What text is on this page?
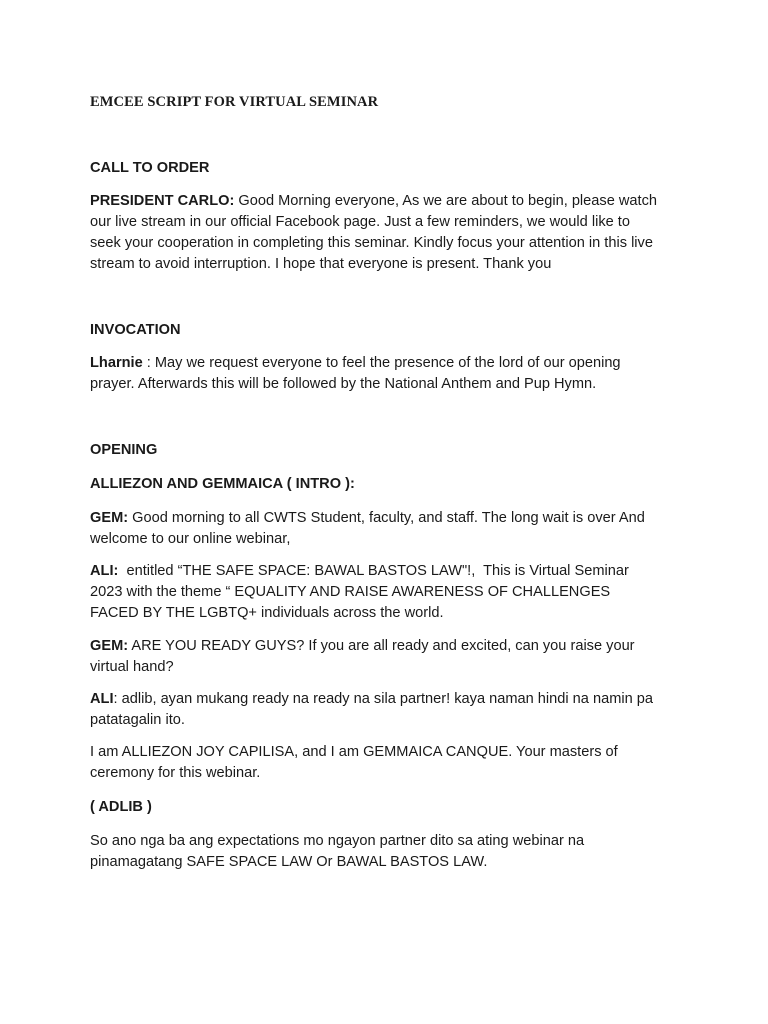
EMCEE SCRIPT FOR VIRTUAL SEMINAR
CALL TO ORDER

PRESIDENT CARLO: Good Morning everyone, As we are about to begin, please watch

our live stream in our official Facebook page. Just a few reminders, we would like to

seek your cooperation in completing this seminar. Kindly focus your attention in this live

stream to avoid interruption. I hope that everyone is present. Thank you

INVOCATION

Lharnie : May we request everyone to feel the presence of the lord of our opening

prayer. Afterwards this will be followed by the National Anthem and Pup Hymn.

OPENING
ALLIEZON AND GEMMAICA ( INTRO ):

GEM: Good morning to all CWTS Student, faculty, and staff. The long wait is over And

welcome to our online webinar,

ALI:  entitled “THE SAFE SPACE: BAWAL BASTOS LAW"!,  This is Virtual Seminar

2023 with the theme “ EQUALITY AND RAISE AWARENESS OF CHALLENGES

FACED BY THE LGBTQ+ individuals across the world.

GEM: ARE YOU READY GUYS? If you are all ready and excited, can you raise your

virtual hand?

ALI: adlib, ayan mukang ready na ready na sila partner! kaya naman hindi na namin pa

patatagalin ito.

I am ALLIEZON JOY CAPILISA, and I am GEMMAICA CANQUE. Your masters of

ceremony for this webinar.

( ADLIB )

So ano nga ba ang expectations mo ngayon partner dito sa ating webinar na

pinamagatang SAFE SPACE LAW Or BAWAL BASTOS LAW.
